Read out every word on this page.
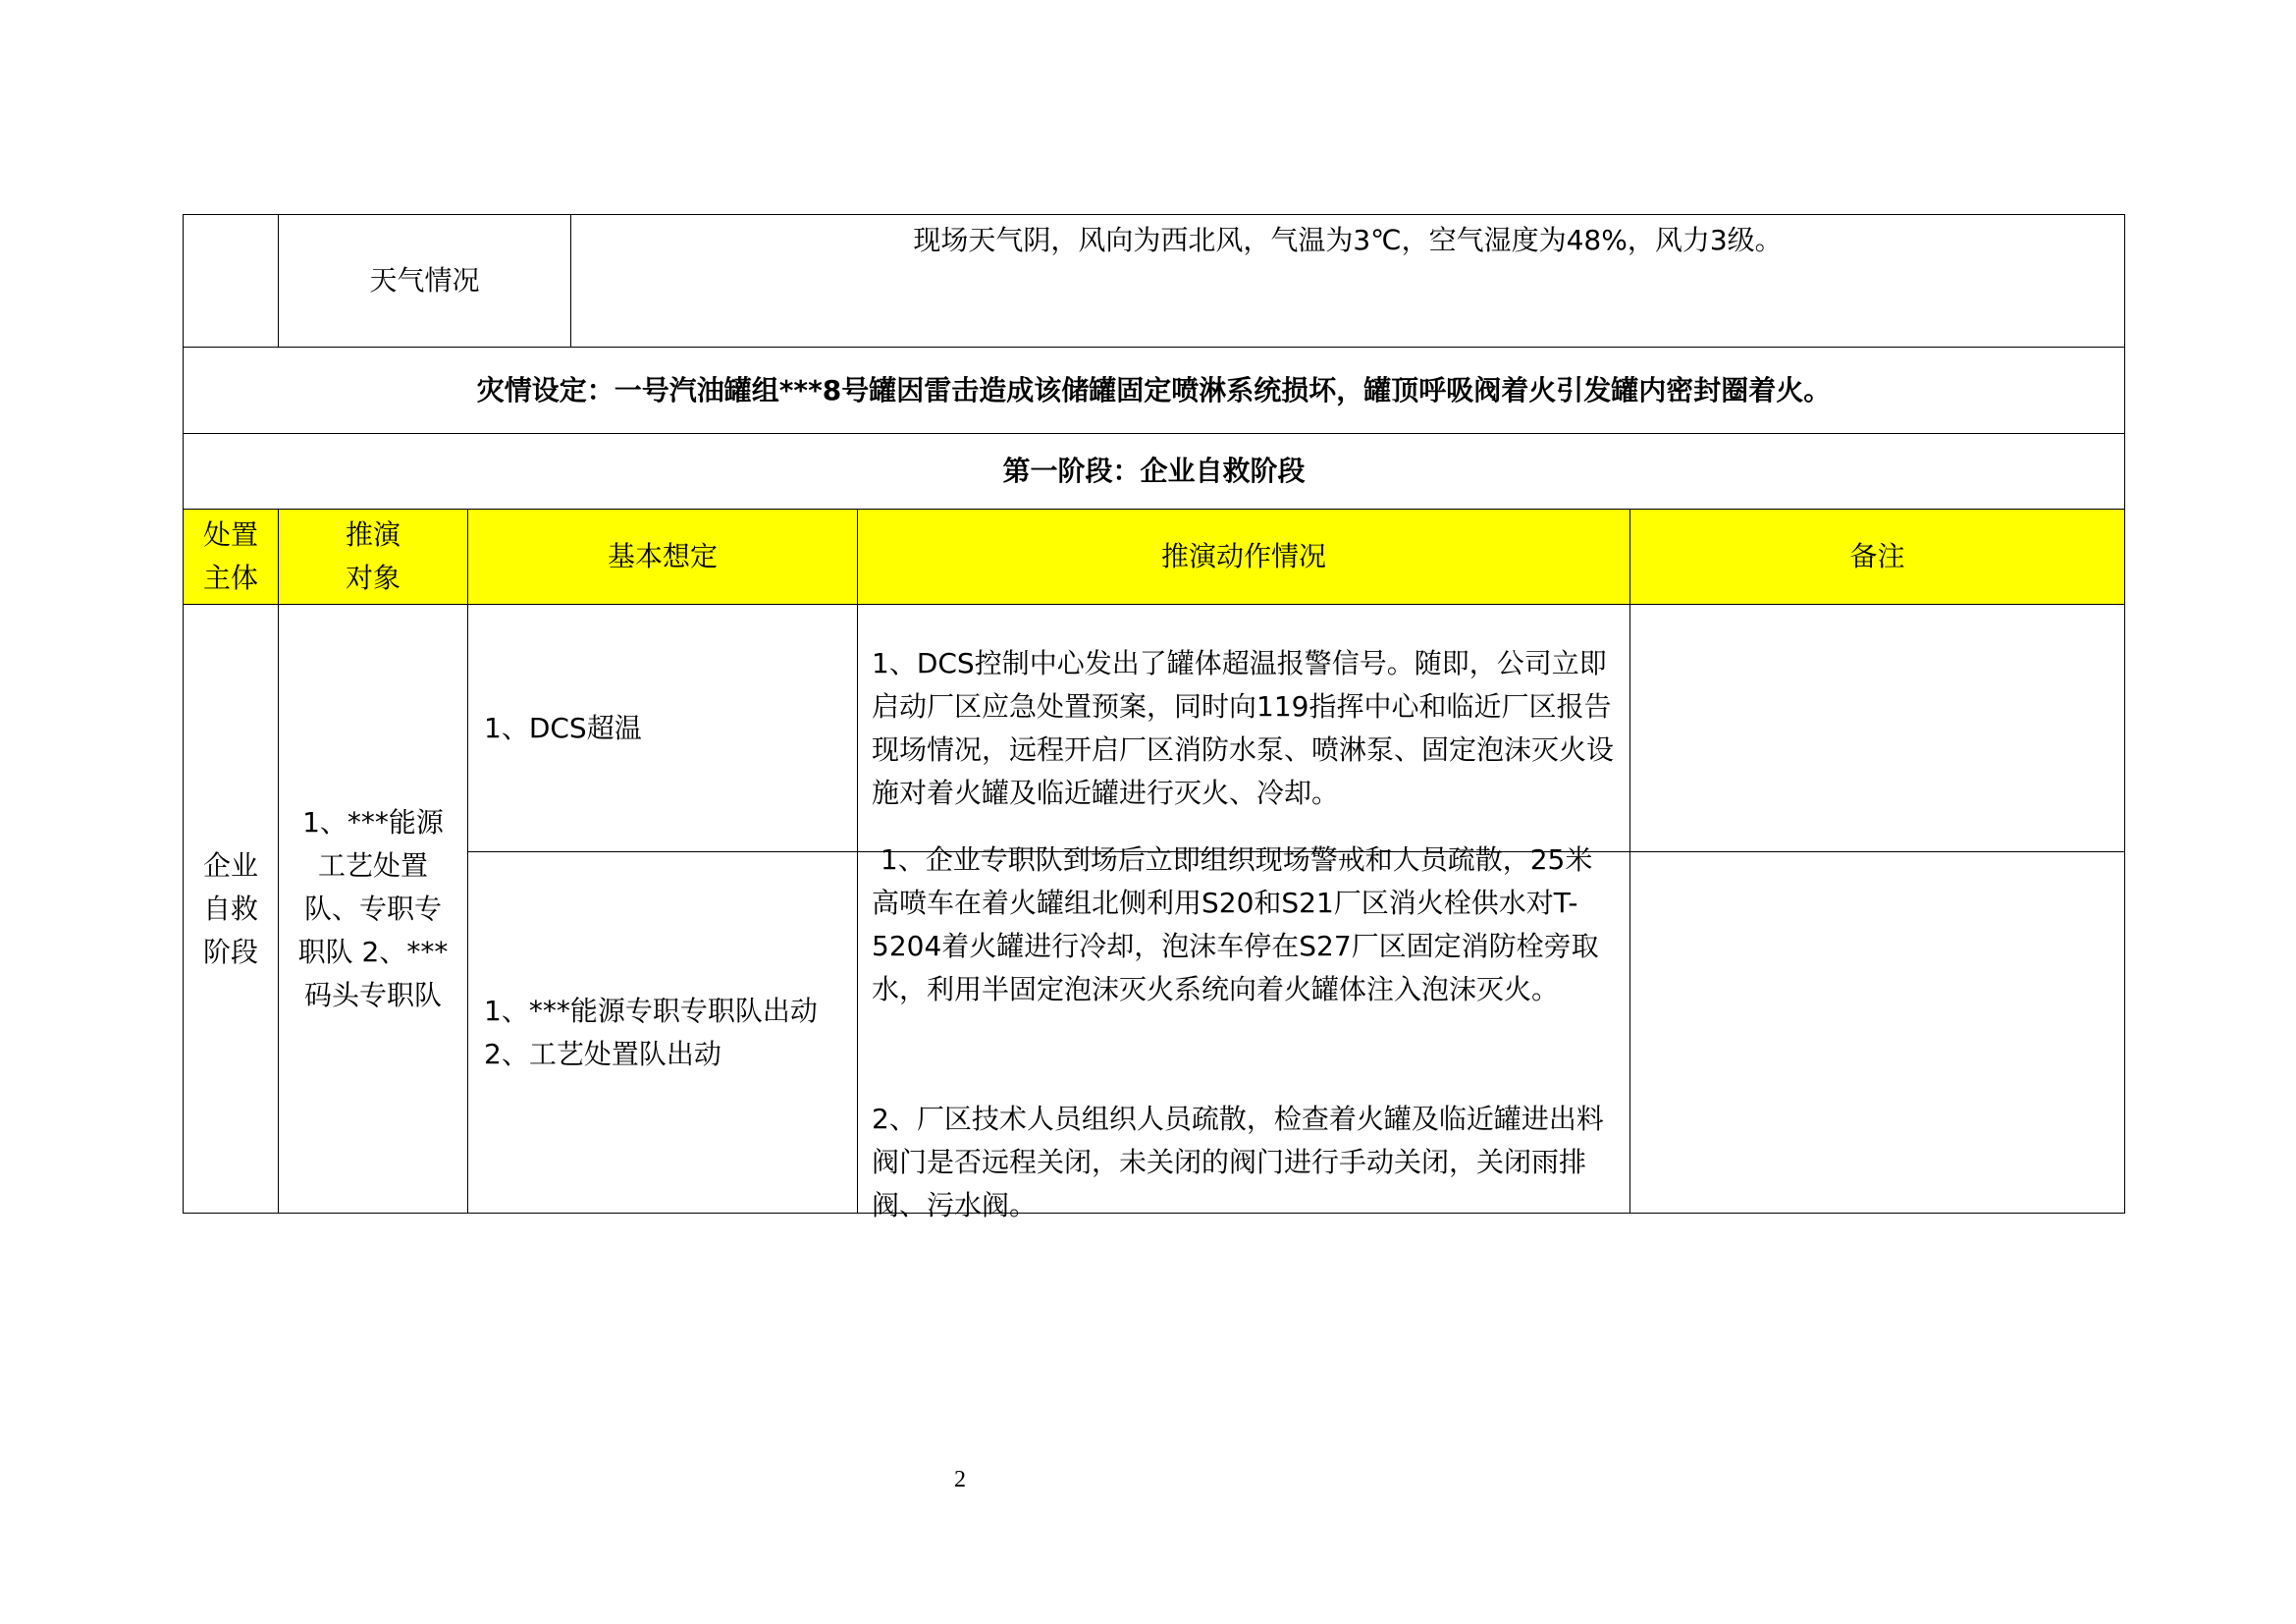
天气情况
现场天气阴，风向为西北风，气温为3℃，空气湿度为48%，风力3级。
灾情设定：一号汽油罐组***8号罐因雷击造成该储罐固定喷淋系统损坏，罐顶呼吸阀着火引发罐内密封圈着火。
第一阶段：企业自救阶段
处置主体
推演对象
基本想定	推演动作情况	备注
企业自救阶段
1、***能源工艺处置队、专职专职队 2、***码头专职队
1、DCS超温
1、DCS控制中心发出了罐体超温报警信号。随即，公司立即启动厂区应急处置预案，同时向119指挥中心和临近厂区报告现场情况，远程开启厂区消防水泵、喷淋泵、固定泡沫灭火设施对着火罐及临近罐进行灭火、冷却。
1、***能源专职专职队出动
2、工艺处置队出动

1、企业专职队到场后立即组织现场警戒和人员疏散，25米高喷车在着火罐组北侧利用S20和S21厂区消火栓供水对T-5204着火罐进行冷却，泡沫车停在S27厂区固定消防栓旁取水，利用半固定泡沫灭火系统向着火罐体注入泡沫灭火。

2、厂区技术人员组织人员疏散，检查着火罐及临近罐进出料阀门是否远程关闭，未关闭的阀门进行手动关闭，关闭雨排阀、污水阀。

2
